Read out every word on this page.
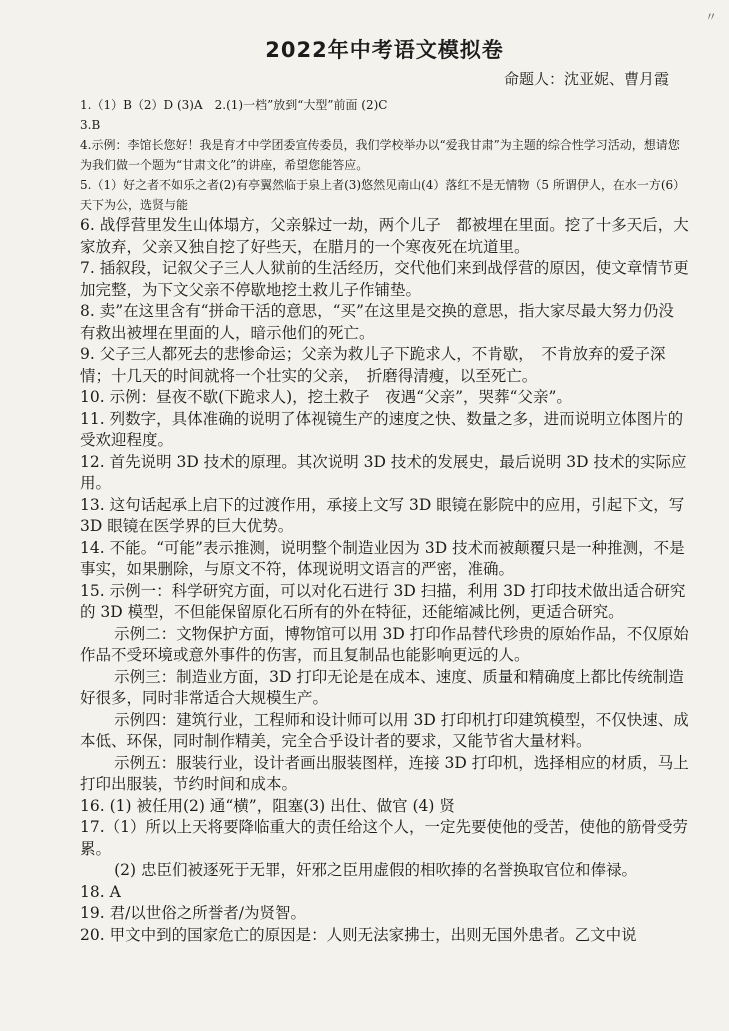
〃
2022年中考语文模拟卷
命题人：沈亚妮、曹月霞

1.（1）B（2）D (3)A　2.(1)一档”放到“大型”前面 (2)C

3.B

4.示例：李馆长您好！我是育才中学团委宣传委员，我们学校举办以“爱我甘肃”为主题的综合性学习活动，想请您为我们做一个题为“甘肃文化”的讲座，希望您能答应。

5.（1）好之者不如乐之者(2)有亭翼然临于泉上者(3)悠然见南山(4）落红不是无情物（5 所谓伊人，在水一方(6）天下为公，选贤与能

6. 战俘营里发生山体塌方，父亲躲过一劫，两个儿子　都被埋在里面。挖了十多天后，大家放弃，父亲又独自挖了好些天，在腊月的一个寒夜死在坑道里。

7. 插叙段，记叙父子三人人狱前的生活经历，交代他们来到战俘营的原因，使文章情节更加完整，为下文父亲不停歇地挖土救儿子作铺垫。

8. 卖”在这里含有“拼命干活的意思，“买”在这里是交换的意思，指大家尽最大努力仍没有救出被埋在里面的人，暗示他们的死亡。

9. 父子三人都死去的悲惨命运；父亲为救儿子下跪求人，不肯歇，　不肯放弃的爱子深情；十几天的时间就将一个壮实的父亲，　折磨得清瘦，以至死亡。

10. 示例：昼夜不歇(下跪求人)，挖土救子　夜遇“父亲”，哭葬“父亲”。

11. 列数字，具体准确的说明了体视镜生产的速度之快、数量之多，进而说明立体图片的受欢迎程度。

12. 首先说明 3D 技术的原理。其次说明 3D 技术的发展史，最后说明 3D 技术的实际应用。

13. 这句话起承上启下的过渡作用，承接上文写 3D 眼镜在影院中的应用，引起下文，写 3D 眼镜在医学界的巨大优势。

14. 不能。“可能”表示推测，说明整个制造业因为 3D 技术而被颠覆只是一种推测，不是事实，如果删除，与原文不符，体现说明文语言的严密，准确。

15. 示例一：科学研究方面，可以对化石进行 3D 扫描，利用 3D 打印技术做出适合研究的 3D 模型，不但能保留原化石所有的外在特征，还能缩减比例，更适合研究。

示例二：文物保护方面，博物馆可以用 3D 打印作品替代珍贵的原始作品，不仅原始作品不受环境或意外事件的伤害，而且复制品也能影响更远的人。

示例三：制造业方面，3D 打印无论是在成本、速度、质量和精确度上都比传统制造好很多，同时非常适合大规模生产。

示例四：建筑行业，工程师和设计师可以用 3D 打印机打印建筑模型，不仅快速、成本低、环保，同时制作精美，完全合乎设计者的要求，又能节省大量材料。

示例五：服装行业，设计者画出服装图样，连接 3D 打印机，选择相应的材质，马上打印出服装，节约时间和成本。

16. (1) 被任用(2) 通“横”，阻塞(3) 出仕、做官 (4) 贤

17.（1）所以上天将要降临重大的责任给这个人，一定先要使他的受苦，使他的筋骨受劳累。

(2) 忠臣们被逐死于无罪，奸邪之臣用虚假的相吹捧的名誉换取官位和俸禄。

18. A

19. 君/以世俗之所誉者/为贤智。

20. 甲文中到的国家危亡的原因是：人则无法家拂士，出则无国外患者。乙文中说
